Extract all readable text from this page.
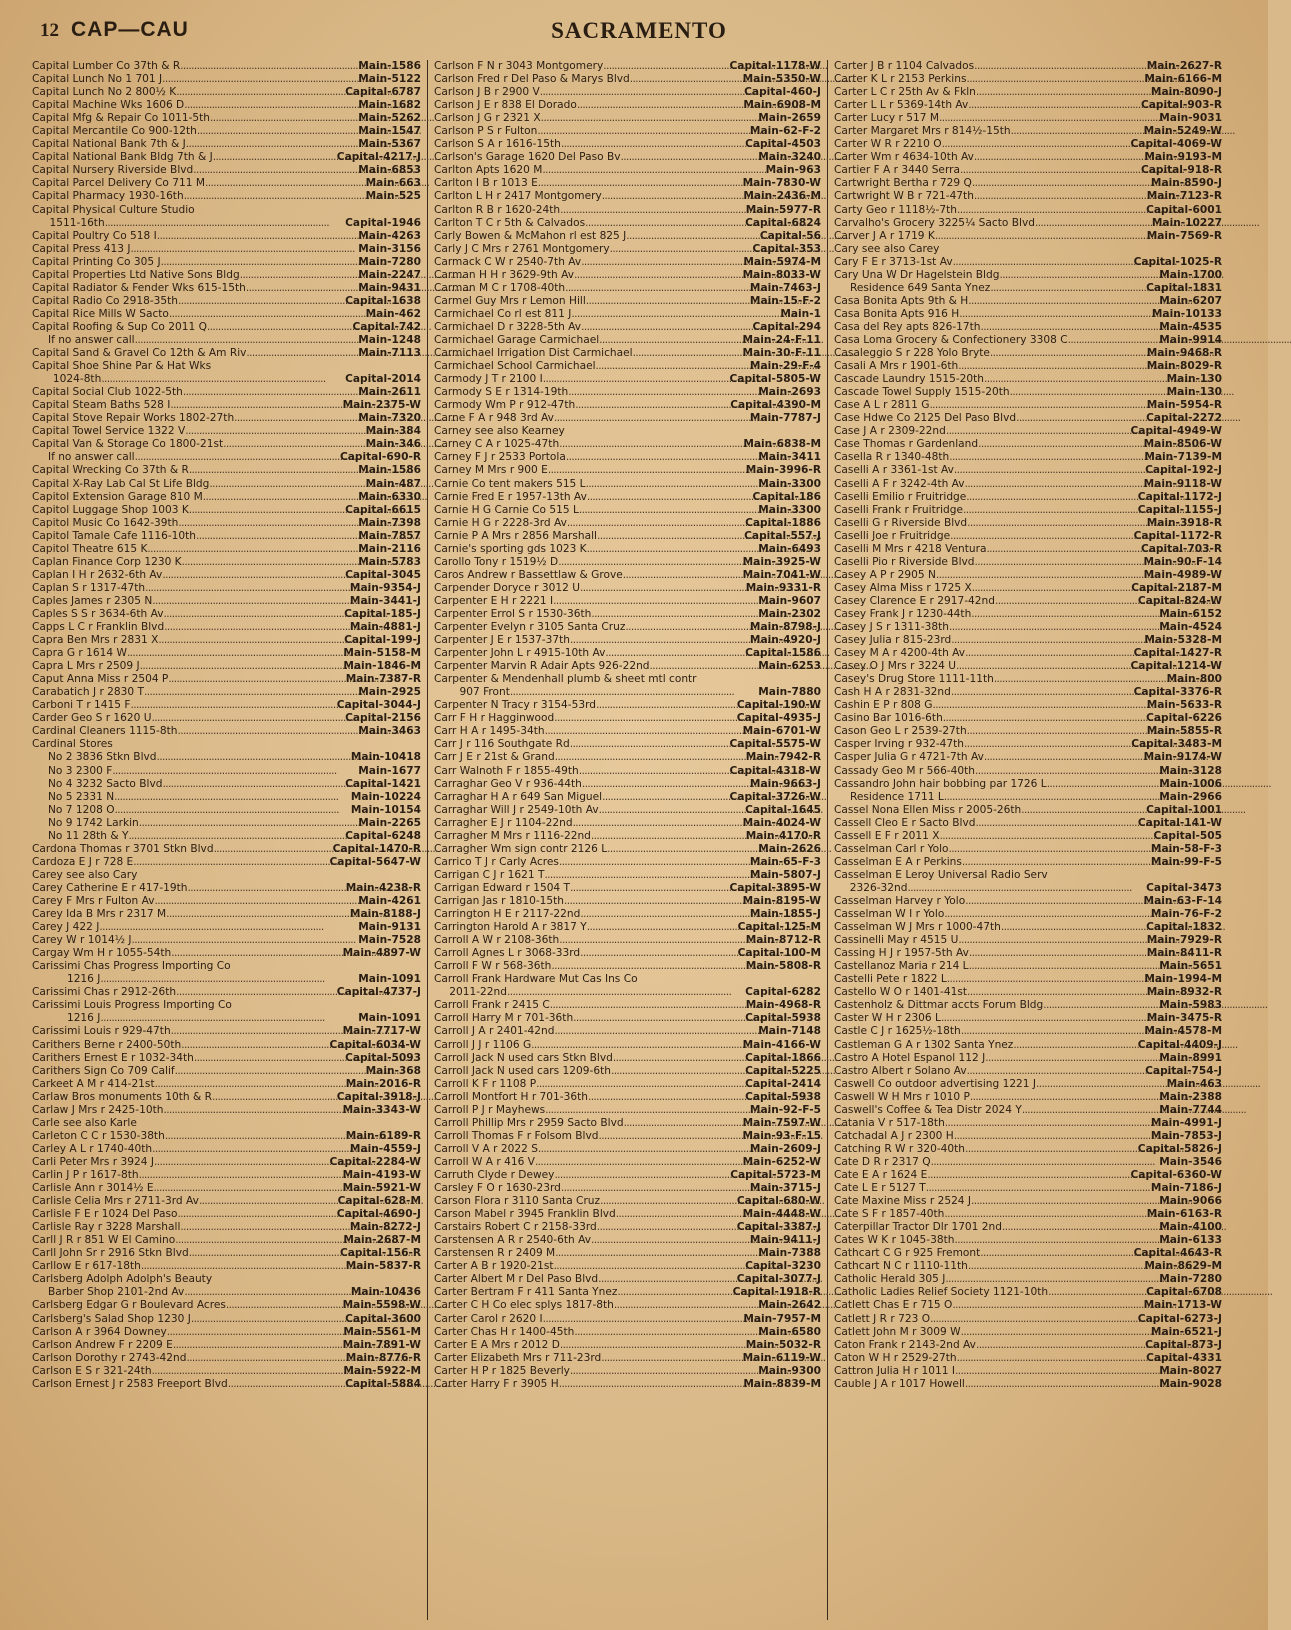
12 CAP—CAU	SACRAMENTO
Capital Lumber Co 37th & R . . .	Main-1586
Capital Lunch No 1 701 J . . .	Main-5122
Capital Lunch No 2 800½ K . . .	Capital-6787
Capital Machine Wks 1606 D . . .	Main-1682
Capital Mfg & Repair Co 1011-5th . . .	Main-5262
Capital Mercantile Co 900-12th . . .	Main-1547
Capital National Bank 7th & J . . .	Main-5367
Capital National Bank Bldg 7th & J . . .	Capital-4217-J
Capital Nursery Riverside Blvd . . .	Main-6853
Capital Parcel Delivery Co 711 M . . .	Main-663
Capital Pharmacy 1930-16th . . .	Main-525
Capital Physical Culture Studio
1511-16th . . .	Capital-1946
Capital Poultry Co 518 I . . .	Main-4263
Capital Press 413 J . . .	Main-3156
Capital Printing Co 305 J . . .	Main-7280
Capital Properties Ltd Native Sons Bldg . . .	Main-2247
Capital Radiator & Fender Wks 615-15th . . .	Main-9431
Capital Radio Co 2918-35th . . .	Capital-1638
Capital Rice Mills W Sacto . . .	Main-462
Capital Roofing & Sup Co 2011 Q . . .	Capital-742
If no answer call . . .	Main-1248
Capital Sand & Gravel Co 12th & Am Riv . . .	Main-7113
Capital Shoe Shine Par & Hat Wks
1024-8th . . .	Capital-2014
Capital Social Club 1022-5th . . .	Main-2611
Capital Steam Baths 528 I . . .	Main-2375-W
Capital Stove Repair Works 1802-27th . . .	Main-7320
Capital Towel Service 1322 V . . .	Main-384
Capital Van & Storage Co 1800-21st . . .	Main-346
If no answer call . . .	Capital-690-R
Capital Wrecking Co 37th & R . . .	Main-1586
Capital X-Ray Lab Cal St Life Bldg . . .	Main-487
Capitol Extension Garage 810 M . . .	Main-6330
Capitol Luggage Shop 1003 K . . .	Capital-6615
Capitol Music Co 1642-39th . . .	Main-7398
Capitol Tamale Cafe 1116-10th . . .	Main-7857
Capitol Theatre 615 K . . .	Main-2116
Caplan Finance Corp 1230 K . . .	Main-5783
Caplan I H r 2632-6th Av . . .	Capital-3045
Caplan S r 1317-47th . . .	Main-9354-J
Caples James r 2305 N . . .	Main-3441-J
Caples S S r 3634-6th Av . . .	Capital-185-J
Capps L C r Franklin Blvd . . .	Main-4881-J
Capra Ben Mrs r 2831 X . . .	Capital-199-J
Capra G r 1614 W . . .	Main-5158-M
Capra L Mrs r 2509 J . . .	Main-1846-M
Caput Anna Miss r 2504 P . . .	Main-7387-R
Carabatich J r 2830 T . . .	Main-2925
Carboni T r 1415 F . . .	Capital-3044-J
Carder Geo S r 1620 U . . .	Capital-2156
Cardinal Cleaners 1115-8th . . .	Main-3463
Cardinal Stores
No 2 3836 Stkn Blvd . . .	Main-10418
No 3 2300 F . . .	Main-1677
No 4 3232 Sacto Blvd . . .	Capital-1421
No 5 2331 N . . .	Main-10224
No 7 1208 O . . .	Main-10154
No 9 1742 Larkin . . .	Main-2265
No 11 28th & Y . . .	Capital-6248
Cardona Thomas r 3701 Stkn Blvd . . .	Capital-1470-R
Cardoza E J r 728 E . . .	Capital-5647-W
Carey see also Cary
Carey Catherine E r 417-19th . . .	Main-4238-R
Carey F Mrs r Fulton Av . . .	Main-4261
Carey Ida B Mrs r 2317 M . . .	Main-8188-J
Carey J 422 J . . .	Main-9131
Carey W r 1014½ J . . .	Main-7528
Cargay Wm H r 1055-54th . . .	Main-4897-W
Carissimi Chas Progress Importing Co
1216 J . . .	Main-1091
Carissimi Chas r 2912-26th . . .	Capital-4737-J
Carissimi Louis Progress Importing Co
1216 J . . .	Main-1091
Carissimi Louis r 929-47th . . .	Main-7717-W
Carithers Berne r 2400-50th . . .	Capital-6034-W
Carithers Ernest E r 1032-34th . . .	Capital-5093
Carithers Sign Co 709 Calif . . .	Main-368
Carkeet A M r 414-21st . . .	Main-2016-R
Carlaw Bros monuments 10th & R . . .	Capital-3918-J
Carlaw J Mrs r 2425-10th . . .	Main-3343-W
Carle see also Karle
Carleton C C r 1530-38th . . .	Main-6189-R
Carley A L r 1740-40th . . .	Main-4559-J
Carli Peter Mrs r 3924 J . . .	Capital-2284-W
Carlin J P r 1617-8th . . .	Main-4193-W
Carlisle Ann r 3014½ E . . .	Main-5921-W
Carlisle Celia Mrs r 2711-3rd Av . . .	Capital-628-M
Carlisle F E r 1024 Del Paso . . .	Capital-4690-J
Carlisle Ray r 3228 Marshall . . .	Main-8272-J
Carll J R r 851 W El Camino . . .	Main-2687-M
Carll John Sr r 2916 Stkn Blvd . . .	Capital-156-R
Carllow E r 617-18th . . .	Main-5837-R
Carlsberg Adolph Adolph's Beauty
Barber Shop 2101-2nd Av . . .	Main-10436
Carlsberg Edgar G r Boulevard Acres . . .	Main-5598-W
Carlsberg's Salad Shop 1230 J . . .	Capital-3600
Carlson A r 3964 Downey . . .	Main-5561-M
Carlson Andrew F r 2209 E . . .	Main-7891-W
Carlson Dorothy r 2743-42nd . . .	Main-8776-R
Carlson E S r 321-24th . . .	Main-5922-M
Carlson Ernest J r 2583 Freeport Blvd . . .	Capital-5884
Carlson F N r 3043 Montgomery . . .	Capital-1178-W
Carlson Fred r Del Paso & Marys Blvd . . .	Main-5350-W
Carlson J B r 2900 V . . .	Capital-460-J
Carlson J E r 838 El Dorado . . .	Main-6908-M
Carlson J G r 2321 X . . .	Main-2659
Carlson P S r Fulton . . .	Main-62-F-2
Carlson S A r 1616-15th . . .	Capital-4503
Carlson's Garage 1620 Del Paso Bv . . .	Main-3240
Carlton Apts 1620 M . . .	Main-963
Carlton I B r 1013 E . . .	Main-7830-W
Carlton L H r 2417 Montgomery . . .	Main-2436-M
Carlton R B r 1620-24th . . .	Main-5977-R
Carlton T C r 5th & Calvados . . .	Capital-6824
Carly Bowen & McMahon rl est 825 J . . .	Capital-56
Carly J C Mrs r 2761 Montgomery . . .	Capital-353
Carmack C W r 2540-7th Av . . .	Main-5974-M
Carman H H r 3629-9th Av . . .	Main-8033-W
Carman M C r 1708-40th . . .	Main-7463-J
Carmel Guy Mrs r Lemon Hill . . .	Main-15-F-2
Carmichael Co rl est 811 J . . .	Main-1
Carmichael D r 3228-5th Av . . .	Capital-294
Carmichael Garage Carmichael . . .	Main-24-F-11
Carmichael Irrigation Dist Carmichael . . .	Main-30-F-11
Carmichael School Carmichael . . .	Main-29-F-4
Carmody J T r 2100 I . . .	Capital-5805-W
Carmody S E r 1314-19th . . .	Main-2693
Carmody Wm P r 912-47th . . .	Capital-4390-M
Carne F A r 948 3rd Av . . .	Main-7787-J
Carney see also Kearney
Carney C A r 1025-47th . . .	Main-6838-M
Carney F J r 2533 Portola . . .	Main-3411
Carney M Mrs r 900 E . . .	Main-3996-R
Carnie Co tent makers 515 L . . .	Main-3300
Carnie Fred E r 1957-13th Av . . .	Capital-186
Carnie H G Carnie Co 515 L . . .	Main-3300
Carnie H G r 2228-3rd Av . . .	Capital-1886
Carnie P A Mrs r 2856 Marshall . . .	Capital-557-J
Carnie's sporting gds 1023 K . . .	Main-6493
Carollo Tony r 1519½ D . . .	Main-3925-W
Caros Andrew r Bassettlaw & Grove . . .	Main-7041-W
Carpender Doryce r 3012 U . . .	Main-9331-R
Carpenter E H r 2221 I . . .	Main-9607
Carpenter Errol S r 1530-36th . . .	Main-2302
Carpenter Evelyn r 3105 Santa Cruz . . .	Main-8798-J
Carpenter J E r 1537-37th . . .	Main-4920-J
Carpenter John L r 4915-10th Av . . .	Capital-1586
Carpenter Marvin R Adair Apts 926-22nd . . .	Main-6253
Carpenter & Mendenhall plumb & sheet mtl contr
907 Front . . .	Main-7880
Carpenter N Tracy r 3154-53rd . . .	Capital-190-W
Carr F H r Hagginwood . . .	Capital-4935-J
Carr H A r 1495-34th . . .	Main-6701-W
Carr J r 116 Southgate Rd . . .	Capital-5575-W
Carr J E r 21st & Grand . . .	Main-7942-R
Carr Walnoth F r 1855-49th . . .	Capital-4318-W
Carraghar Geo V r 936-44th . . .	Main-9663-J
Carraghar H A r 649 San Miguel . . .	Capital-3726-W
Carraghar Will J r 2549-10th Av . . .	Capital-1645
Carragher E J r 1104-22nd . . .	Main-4024-W
Carragher M Mrs r 1116-22nd . . .	Main-4170-R
Carragher Wm sign contr 2126 L . . .	Main-2626
Carrico T J r Carly Acres . . .	Main-65-F-3
Carrigan C J r 1621 T . . .	Main-5807-J
Carrigan Edward r 1504 T . . .	Capital-3895-W
Carrigan Jas r 1810-15th . . .	Main-8195-W
Carrington H E r 2117-22nd . . .	Main-1855-J
Carrington Harold A r 3817 Y . . .	Capital-125-M
Carroll A W r 2108-36th . . .	Main-8712-R
Carroll Agnes L r 3068-33rd . . .	Capital-100-M
Carroll F W r 568-36th . . .	Main-5808-R
Carroll Frank Hardware Mut Cas Ins Co
2011-22nd . . .	Capital-6282
Carroll Frank r 2415 C . . .	Main-4968-R
Carroll Harry M r 701-36th . . .	Capital-5938
Carroll J A r 2401-42nd . . .	Main-7148
Carroll J J r 1106 G . . .	Main-4166-W
Carroll Jack N used cars Stkn Blvd . . .	Capital-1866
Carroll Jack N used cars 1209-6th . . .	Capital-5225
Carroll K F r 1108 P . . .	Capital-2414
Carroll Montfort H r 701-36th . . .	Capital-5938
Carroll P J r Mayhews . . .	Main-92-F-5
Carroll Phillip Mrs r 2959 Sacto Blvd . . .	Main-7597-W
Carroll Thomas F r Folsom Blvd . . .	Main-93-F-15
Carroll V A r 2022 S . . .	Main-2609-J
Carroll W A r 416 V . . .	Main-6252-W
Carruth Clyde r Dewey . . .	Capital-5723-M
Carsley F O r 1630-23rd . . .	Main-3715-J
Carson Flora r 3110 Santa Cruz . . .	Capital-680-W
Carson Mabel r 3945 Franklin Blvd . . .	Main-4448-W
Carstairs Robert C r 2158-33rd . . .	Capital-3387-J
Carstensen A R r 2540-6th Av . . .	Main-9411-J
Carstensen R r 2409 M . . .	Main-7388
Carter A B r 1920-21st . . .	Capital-3230
Carter Albert M r Del Paso Blvd . . .	Capital-3077-J
Carter Bertram F r 411 Santa Ynez . . .	Capital-1918-R
Carter C H Co elec splys 1817-8th . . .	Main-2642
Carter Carol r 2620 I . . .	Main-7957-M
Carter Chas H r 1400-45th . . .	Main-6580
Carter E A Mrs r 2012 D . . .	Main-5032-R
Carter Elizabeth Mrs r 711-23rd . . .	Main-6119-W
Carter H P r 1825 Beverly . . .	Main-9300
Carter Harry F r 3905 H . . .	Main-8839-M
Carter J B r 1104 Calvados . . .	Main-2627-R
Carter K L r 2153 Perkins . . .	Main-6166-M
Carter L C r 25th Av & Fkln . . .	Main-8090-J
Carter L L r 5369-14th Av . . .	Capital-903-R
Carter Lucy r 517 M . . .	Main-9031
Carter Margaret Mrs r 814½-15th . . .	Main-5249-W
Carter W R r 2210 O . . .	Capital-4069-W
Carter Wm r 4634-10th Av . . .	Main-9193-M
Cartier F A r 3440 Serra . . .	Capital-918-R
Cartwright Bertha r 729 Q . . .	Main-8590-J
Cartwright W B r 721-47th . . .	Main-7123-R
Carty Geo r 1118½-7th . . .	Capital-6001
Carvalho's Grocery 3225¼ Sacto Blvd . . .	Main-10227
Carver J A r 1719 K . . .	Main-7569-R
Cary see also Carey
Cary F E r 3713-1st Av . . .	Capital-1025-R
Cary Una W Dr Hagelstein Bldg . . .	Main-1700
Residence 649 Santa Ynez . . .	Capital-1831
Casa Bonita Apts 9th & H . . .	Main-6207
Casa Bonita Apts 916 H . . .	Main-10133
Casa del Rey apts 826-17th . . .	Main-4535
Casa Loma Grocery & Confectionery 3308 C . . .	Main-9914
Casaleggio S r 228 Yolo Bryte . . .	Main-9468-R
Casali A Mrs r 1901-6th . . .	Main-8029-R
Cascade Laundry 1515-20th . . .	Main-130
Cascade Towel Supply 1515-20th . . .	Main-130
Case A L r 2811 G . . .	Main-5954-R
Case Hdwe Co 2125 Del Paso Blvd . . .	Capital-2272
Case J A r 2309-22nd . . .	Capital-4949-W
Case Thomas r Gardenland . . .	Main-8506-W
Casella R r 1340-48th . . .	Main-7139-M
Caselli A r 3361-1st Av . . .	Capital-192-J
Caselli A F r 3242-4th Av . . .	Main-9118-W
Caselli Emilio r Fruitridge . . .	Capital-1172-J
Caselli Frank r Fruitridge . . .	Capital-1155-J
Caselli G r Riverside Blvd . . .	Main-3918-R
Caselli Joe r Fruitridge . . .	Capital-1172-R
Caselli M Mrs r 4218 Ventura . . .	Capital-703-R
Caselli Pio r Riverside Blvd . . .	Main-90-F-14
Casey A P r 2905 N . . .	Main-4989-W
Casey Alma Miss r 1725 X . . .	Capital-2187-M
Casey Clarence E r 2917-42nd . . .	Capital-824-W
Casey Frank J r 1230-44th . . .	Main-6152
Casey J S r 1311-38th . . .	Main-4524
Casey Julia r 815-23rd . . .	Main-5328-M
Casey M A r 4200-4th Av . . .	Capital-1427-R
Casey O J Mrs r 3224 U . . .	Capital-1214-W
Casey's Drug Store 1111-11th . . .	Main-800
Cash H A r 2831-32nd . . .	Capital-3376-R
Cashin E P r 808 G . . .	Main-5633-R
Casino Bar 1016-6th . . .	Capital-6226
Cason Geo L r 2539-27th . . .	Main-5855-R
Casper Irving r 932-47th . . .	Capital-3483-M
Casper Julia G r 4721-7th Av . . .	Main-9174-W
Cassady Geo M r 566-40th . . .	Main-3128
Cassandro John hair bobbing par 1726 L . . .	Main-1006
Residence 1711 L . . .	Main-2966
Cassel Nona Ellen Miss r 2005-26th . . .	Capital-1001
Cassell Cleo E r Sacto Blvd . . .	Capital-141-W
Cassell E F r 2011 X . . .	Capital-505
Casselman Carl r Yolo . . .	Main-58-F-3
Casselman E A r Perkins . . .	Main-99-F-5
Casselman E Leroy Universal Radio Serv
2326-32nd . . .	Capital-3473
Casselman Harvey r Yolo . . .	Main-63-F-14
Casselman W I r Yolo . . .	Main-76-F-2
Casselman W J Mrs r 1000-47th . . .	Capital-1832
Cassinelli May r 4515 U . . .	Main-7929-R
Cassing H J r 1957-5th Av . . .	Main-8411-R
Castellanoz Maria r 214 L . . .	Main-5651
Castelli Pete r 1822 L . . .	Main-1994-M
Castello W O r 1401-41st . . .	Main-8932-R
Castenholz & Dittmar accts Forum Bldg . . .	Main-5983
Caster W H r 2306 L . . .	Main-3475-R
Castle C J r 1625½-18th . . .	Main-4578-M
Castleman G A r 1302 Santa Ynez . . .	Capital-4409-J
Castro A Hotel Espanol 112 J . . .	Main-8991
Castro Albert r Solano Av . . .	Capital-754-J
Caswell Co outdoor advertising 1221 J . . .	Main-463
Caswell W H Mrs r 1010 P . . .	Main-2388
Caswell's Coffee & Tea Distr 2024 Y . . .	Main-7744
Catania V r 517-18th . . .	Main-4991-J
Catchadal A J r 2300 H . . .	Main-7853-J
Catching R W r 320-40th . . .	Capital-5826-J
Cate D R r 2317 Q . . .	Main-3546
Cate E A r 1624 E . . .	Capital-6360-W
Cate L E r 5127 T . . .	Main-7186-J
Cate Maxine Miss r 2524 J . . .	Main-9066
Cate S F r 1857-40th . . .	Main-6163-R
Caterpillar Tractor Dlr 1701 2nd . . .	Main-4100
Cates W K r 1045-38th . . .	Main-6133
Cathcart C G r 925 Fremont . . .	Capital-4643-R
Cathcart N C r 1110-11th . . .	Main-8629-M
Catholic Herald 305 J . . .	Main-7280
Catholic Ladies Relief Society 1121-10th . . .	Capital-6708
Catlett Chas E r 715 O . . .	Main-1713-W
Catlett J R r 723 O . . .	Capital-6273-J
Catlett John M r 3009 W . . .	Main-6521-J
Caton Frank r 2143-2nd Av . . .	Capital-873-J
Caton W H r 2529-27th . . .	Capital-4331
Cattron Julia H r 1011 I . . .	Main-8027
Cauble J A r 1017 Howell . . .	Main-9028
